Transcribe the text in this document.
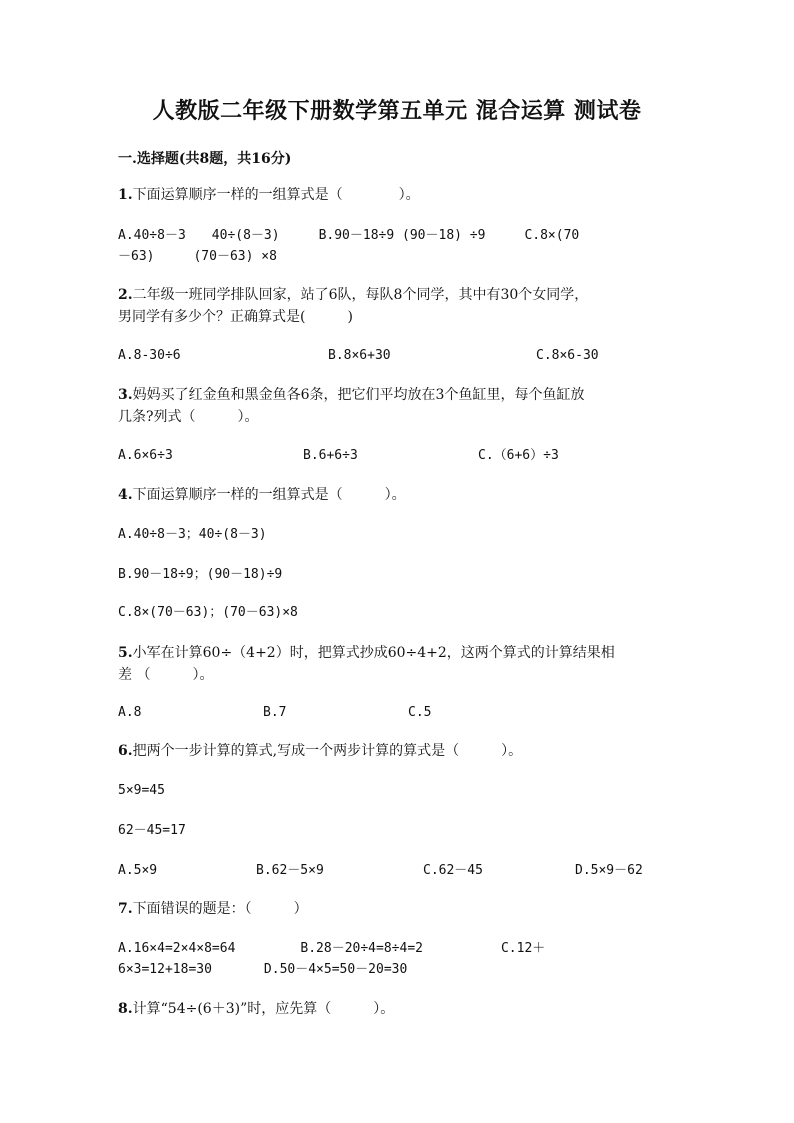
人教版二年级下册数学第五单元 混合运算 测试卷
一.选择题(共8题，共16分)
1.下面运算顺序一样的一组算式是（　　　　）。
A.40÷8－3　　40÷(8－3)　　　B.90－18÷9 (90－18) ÷9　　　C.8×(70
－63)　　　(70－63) ×8
2.二年级一班同学排队回家，站了6队，每队8个同学，其中有30个女同学，
男同学有多少个？正确算式是(　　　)
A.8-30÷6	B.8×6+30	C.8×6-30
3.妈妈买了红金鱼和黑金鱼各6条，把它们平均放在3个鱼缸里，每个鱼缸放
几条?列式（　　　）。
A.6×6÷3	B.6+6÷3	C.（6+6）÷3
4.下面运算顺序一样的一组算式是（　　　）。
A.40÷8－3；40÷(8－3)
B.90－18÷9；(90－18)÷9
C.8×(70－63)；(70－63)×8
5.小军在计算60÷（4+2）时，把算式抄成60÷4+2，这两个算式的计算结果相
差 （　　　）。
A.8	B.7	C.5
6.把两个一步计算的算式,写成一个两步计算的算式是（　　　）。
5×9=45
62－45=17
A.5×9	B.62－5×9	C.62－45	D.5×9－62
7.下面错误的题是：（　　　）
A.16×4=2×4×8=64　　　　　B.28－20÷4=8÷4=2　　　　　　C.12＋
6×3=12+18=30　　　　D.50－4×5=50－20=30
8.计算“54÷(6＋3)”时，应先算（　　　）。
